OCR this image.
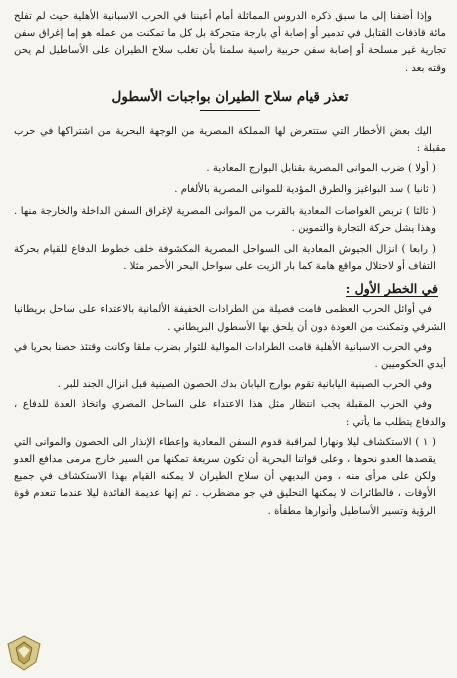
وإذا أضفنا إلى ما سبق ذكره الدروس المماثلة أمام أعيننا في الحرب الاسبانية الأهلية حيث لم تفلح مائة قاذفات القتابل في تدمير أو إصابة أي بارجة متحركة بل كل ما تمكنت من عمله هو إما إغراق سفن تجارية غير مسلحة أو إصابة سفن حربية راسية سلمنا بأن تغلب سلاح الطيران على الأساطيل لم يحن وقته بعد .

تعذر قيام سلاح الطيران بواجبات الأسطول

اليك بعض الأخطار التي ستتعرض لها المملكة المصرية من الوجهة البحرية من اشتراكها في حرب مقبلة :

( أولا ) ضرب الموانى المصرية بقنابل البوارج المعادية .

( ثانيا ) سد البواغيز والطرق المؤدية للموانى المصرية بالألغام .

( ثالثا ) تربص الغواصات المعادية بالقرب من الموانى المصرية لإغراق السفن الداخلة والخارجة منها . وهذا يشل حركة التجارة والتموين .

( رابعا ) انزال الجيوش المعادية الى السواحل المصرية المكشوفة خلف خطوط الدفاع للقيام بحركة التفاف أو لاحتلال مواقع هامة كما بار الزيت على سواحل البحر الأحمر مثلا .

في الخطر الأول :

في أوائل الحرب العظمى قامت فصيلة من الطرادات الخفيفة الألمانية بالاعتداء على ساحل بريطانيا الشرقي وتمكنت من العودة دون أن يلحق بها الأسطول البريطاني .

وفي الحرب الاسبانية الأهلية قامت الطرادات الموالية للثوار بضرب ملقا وكانت وقتئذ حصنا بحريا في أيدي الحكوميين .

وفي الحرب الصينية اليابانية تقوم بوارج اليابان بدك الحصون الصينية قبل انزال الجند للبر .

وفي الحرب المقبلة يجب انتظار مثل هذا الاعتداء على الساحل المصري واتخاذ العدة للدفاع ، والدفاع يتطلب ما يأتي :

( ١ ) الاستكشاف ليلا ونهارا لمراقبة قدوم السفن المعادية وإعطاء الإنذار الى الحصون والموانى التي يقصدها العدو نحوها ، وعلى قواتنا البحرية أن تكون سريعة تمكنها من السير خارج مرمى مدافع العدو ولكن على مرأى منه ، ومن البديهي أن سلاح الطيران لا يمكنه القيام بهذا الاستكشاف في جميع الأوقات ، فالطائرات لا يمكنها التحليق في جو مضطرب . ثم إنها عديمة الفائدة ليلا عندما تنعدم قوة الرؤية وتسير الأساطيل وأنوارها مطفأة .
